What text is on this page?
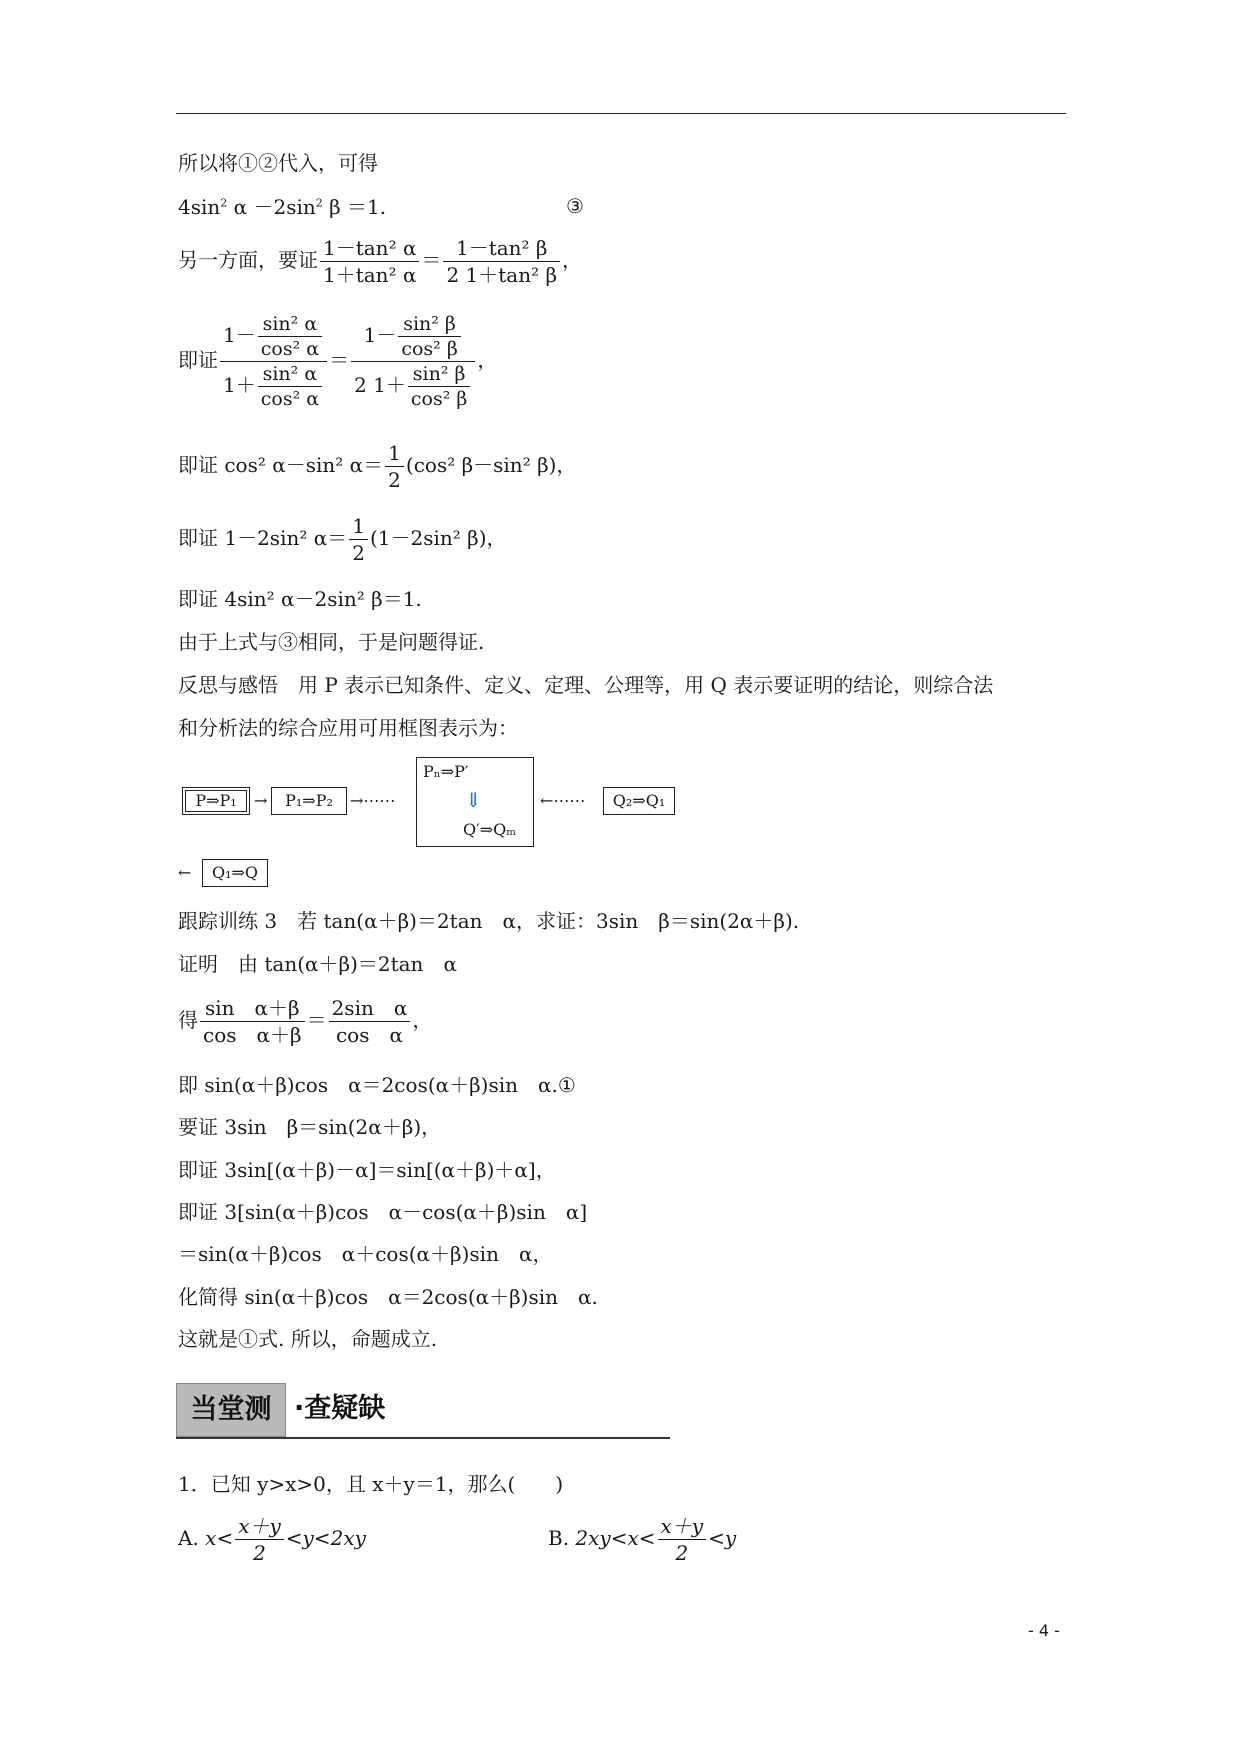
所以将①②代入，可得
$4\sin^2$ $\alpha -2\sin^2$ β ＝1.	③
另一方面，要证 $\frac{\text{1－tan² α}}{\text{1＋tan² α}} = \frac{\text{1－tan² β}}{\text{2 1＋tan² β}}$ ，
即证 $\frac{1- \frac{\text{sin² α}}{\text{cos² α}}}{1+ \frac{\text{sin² α}}{\text{cos² α}}} = \frac{1- \frac{\text{sin² β}}{\text{cos² β}}}{2 1+ \frac{\text{sin² β}}{\text{cos² β}}}$ ，
即证 cos² α－sin² $\alpha= \frac{1}{2} (\cos^2$ β－sin² β)，
即证 1－2sin² $\alpha= \frac{1}{2} (1-2\sin^2$ β)，
即证 4sin² α－2sin² β＝1.
由于上式与③相同，于是问题得证.
反思与感悟　用 P 表示已知条件、定义、定理、公理等，用 Q 表示要证明的结论，则综合法
和分析法的综合应用可用框图表示为：
P⇒P₁	→	P₁⇒P₂	→⋯⋯
Pₙ⇒P′
⇓
Q′⇒Qₘ
←⋯⋯	Q₂⇒Q₁
←	Q₁⇒Q
跟踪训练 3　若 tan(α＋β)＝2tan　α，求证：3sin　β＝sin(2α＋β).
证明　由 tan(α＋β)＝2tan　α
得 $\frac{\text{sin　α＋β}}{\text{cos　α＋β}} = \frac{\text{2sin　α}}{\text{cos　α}}$ ，
即 sin(α＋β)cos　α＝2cos(α＋β)sin　α.①
要证 3sin　β＝sin(2α＋β)，
即证 3sin[(α＋β)－α]＝sin[(α＋β)＋α]，
即证 3[sin(α＋β)cos　α－cos(α＋β)sin　α]
＝sin(α＋β)cos　α＋cos(α＋β)sin　α，
化简得 sin(α＋β)cos　α＝2cos(α＋β)sin　α.
这就是①式. 所以，命题成立.
当堂测 ·查疑缺
1．已知 y>x>0，且 x＋y＝1，那么(　　)
A. $x< \frac{x+y}{2} <y<2xy$	B. $2xy<x< \frac{x+y}{2} <y$
- 4 -
